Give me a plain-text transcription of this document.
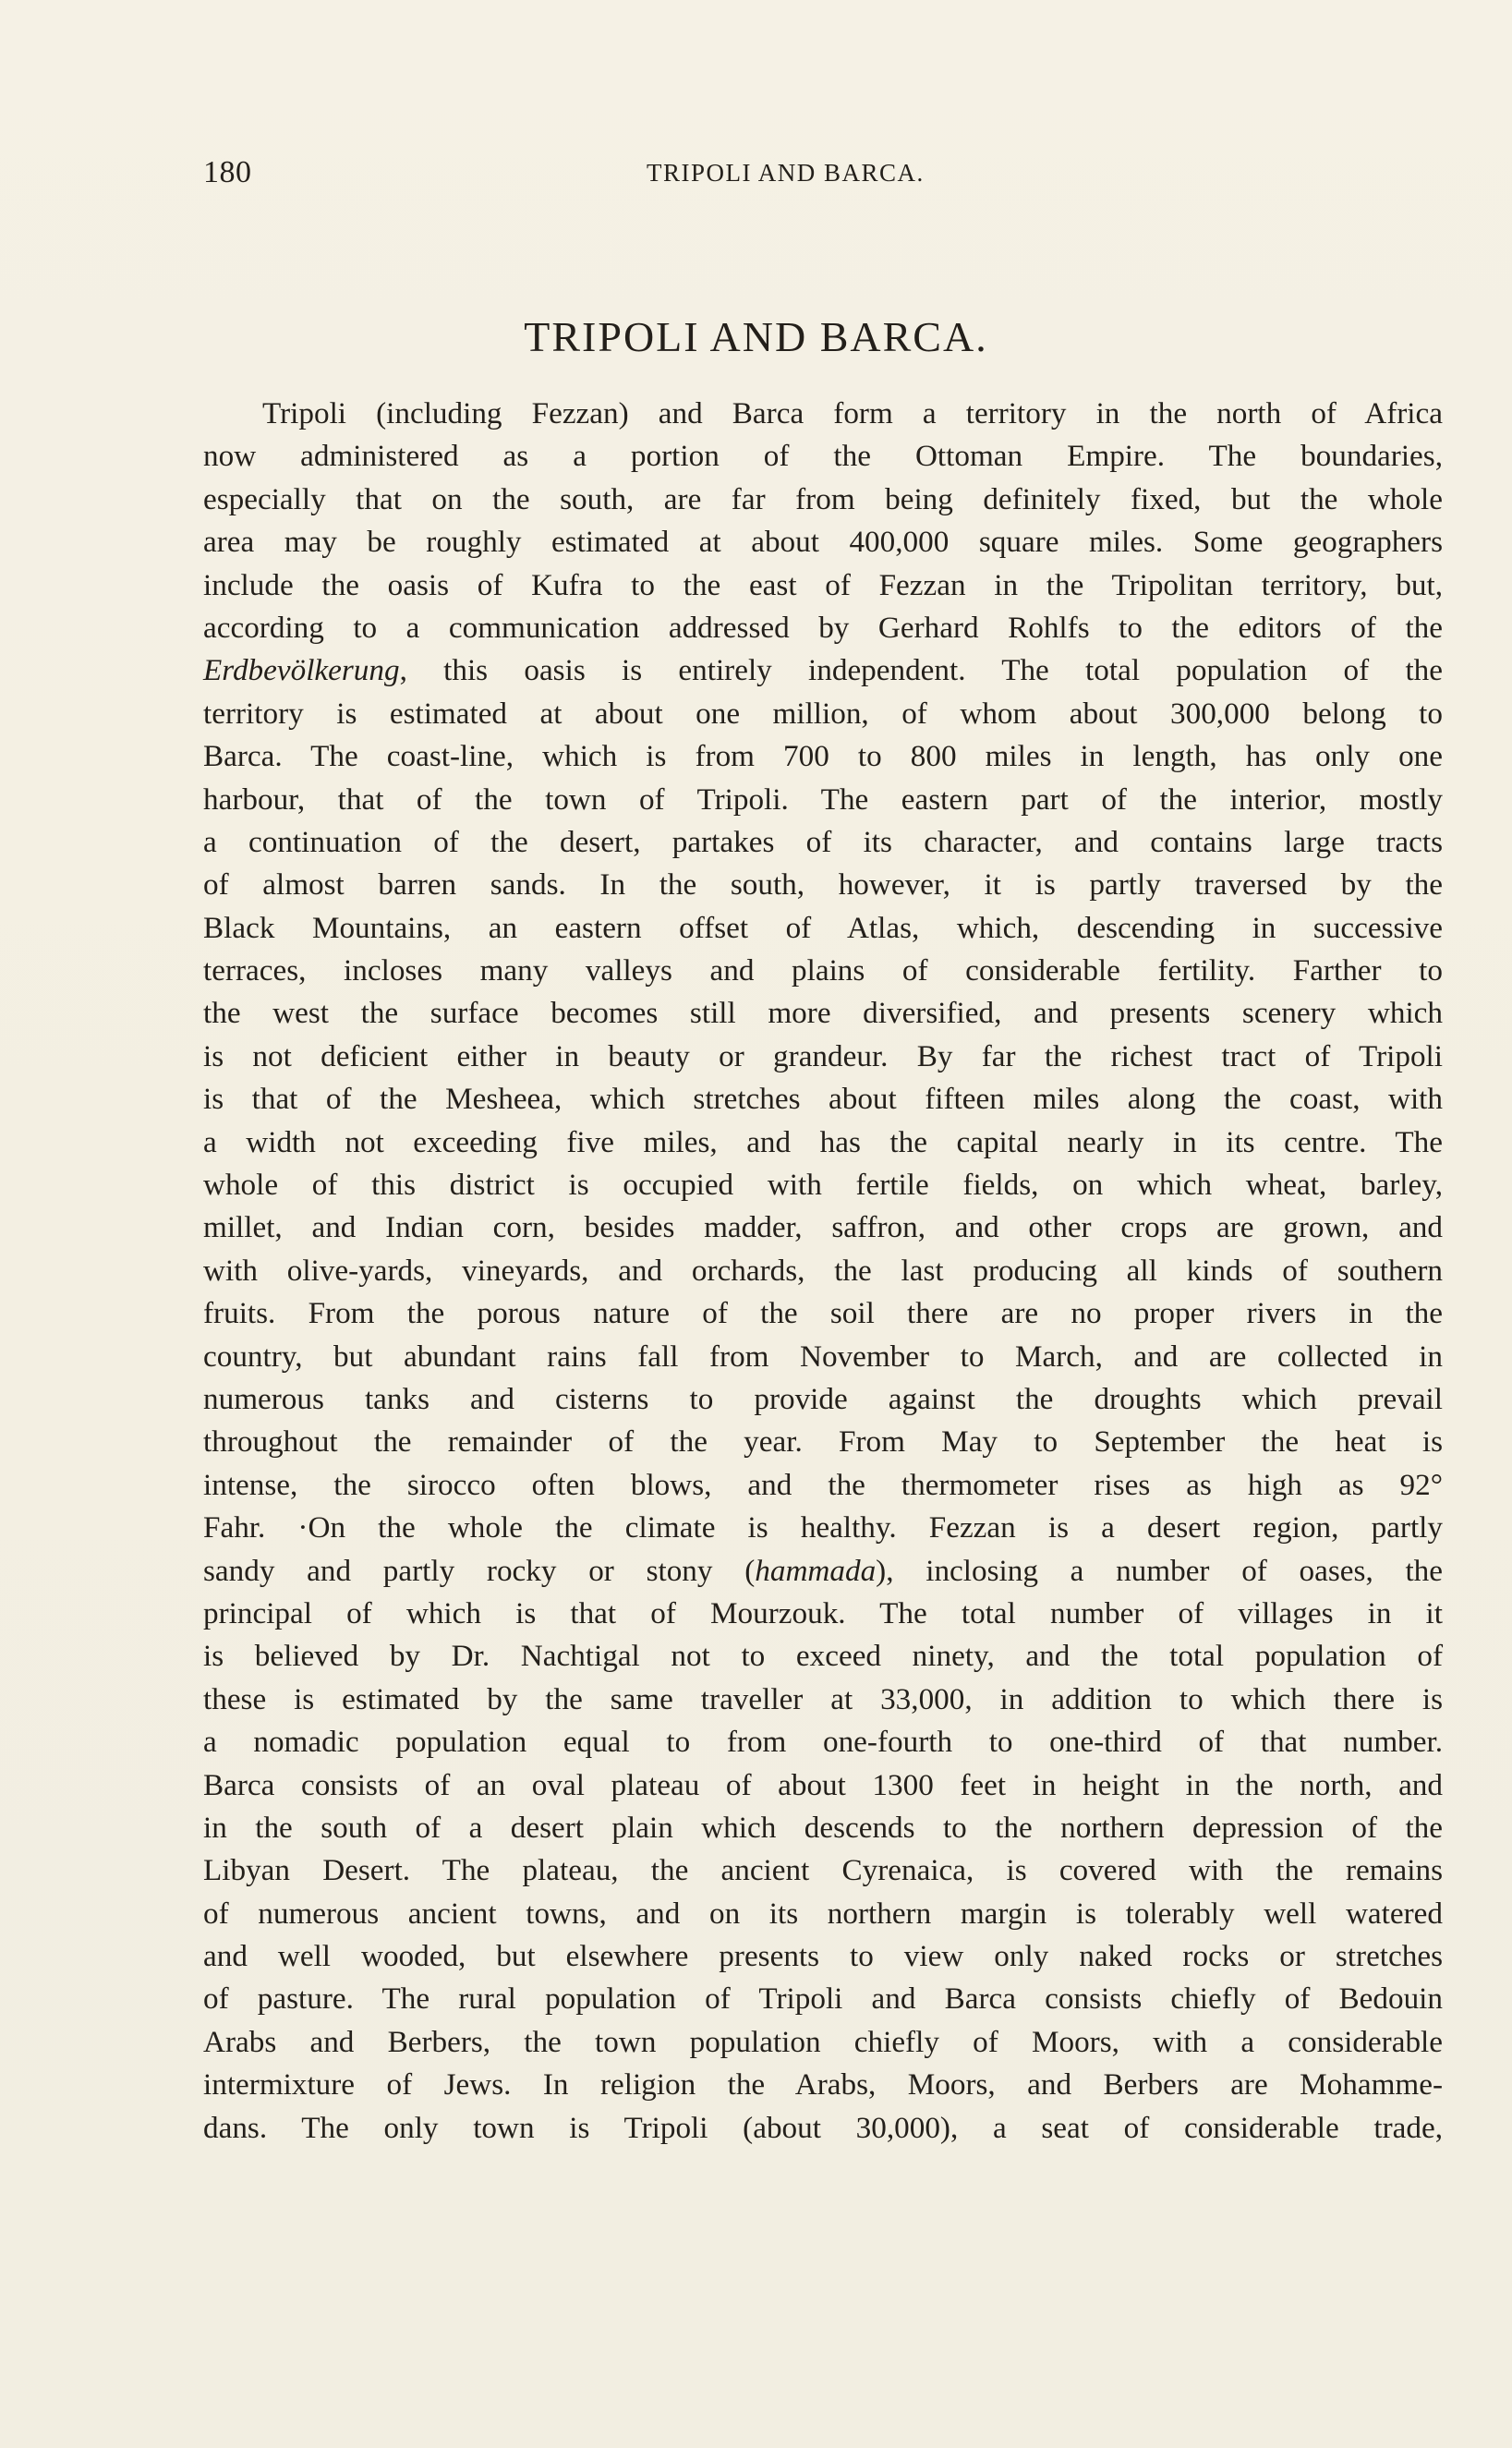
180	TRIPOLI AND BARCA.
TRIPOLI AND BARCA.
Tripoli (including Fezzan) and Barca form a territory in the north of Africa
now administered as a portion of the Ottoman Empire. The boundaries,
especially that on the south, are far from being definitely fixed, but the whole
area may be roughly estimated at about 400,000 square miles. Some geographers
include the oasis of Kufra to the east of Fezzan in the Tripolitan territory, but,
according to a communication addressed by Gerhard Rohlfs to the editors of the
Erdbevölkerung, this oasis is entirely independent. The total population of the
territory is estimated at about one million, of whom about 300,000 belong to
Barca. The coast-line, which is from 700 to 800 miles in length, has only one
harbour, that of the town of Tripoli. The eastern part of the interior, mostly
a continuation of the desert, partakes of its character, and contains large tracts
of almost barren sands. In the south, however, it is partly traversed by the
Black Mountains, an eastern offset of Atlas, which, descending in successive
terraces, incloses many valleys and plains of considerable fertility. Farther to
the west the surface becomes still more diversified, and presents scenery which
is not deficient either in beauty or grandeur. By far the richest tract of Tripoli
is that of the Mesheea, which stretches about fifteen miles along the coast, with
a width not exceeding five miles, and has the capital nearly in its centre. The
whole of this district is occupied with fertile fields, on which wheat, barley,
millet, and Indian corn, besides madder, saffron, and other crops are grown, and
with olive-yards, vineyards, and orchards, the last producing all kinds of southern
fruits. From the porous nature of the soil there are no proper rivers in the
country, but abundant rains fall from November to March, and are collected in
numerous tanks and cisterns to provide against the droughts which prevail
throughout the remainder of the year. From May to September the heat is
intense, the sirocco often blows, and the thermometer rises as high as 92°
Fahr. ·On the whole the climate is healthy. Fezzan is a desert region, partly
sandy and partly rocky or stony (hammada), inclosing a number of oases, the
principal of which is that of Mourzouk. The total number of villages in it
is believed by Dr. Nachtigal not to exceed ninety, and the total population of
these is estimated by the same traveller at 33,000, in addition to which there is
a nomadic population equal to from one-fourth to one-third of that number.
Barca consists of an oval plateau of about 1300 feet in height in the north, and
in the south of a desert plain which descends to the northern depression of the
Libyan Desert. The plateau, the ancient Cyrenaica, is covered with the remains
of numerous ancient towns, and on its northern margin is tolerably well watered
and well wooded, but elsewhere presents to view only naked rocks or stretches
of pasture. The rural population of Tripoli and Barca consists chiefly of Bedouin
Arabs and Berbers, the town population chiefly of Moors, with a considerable
intermixture of Jews. In religion the Arabs, Moors, and Berbers are Mohamme-
dans. The only town is Tripoli (about 30,000), a seat of considerable trade,
